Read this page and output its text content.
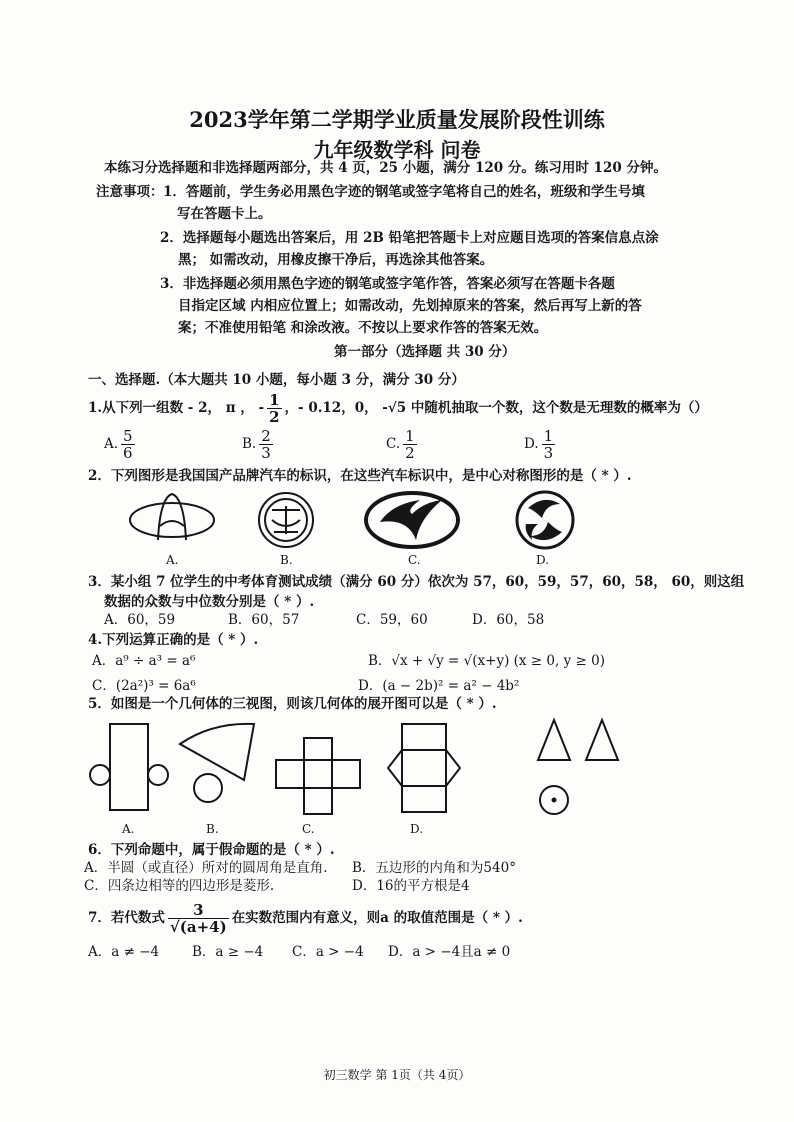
2023学年第二学期学业质量发展阶段性训练
九年级数学科 问卷
本练习分选择题和非选择题两部分，共 4 页，25 小题，满分 120 分。练习用时 120 分钟。
注意事项： 1．答题前，学生务必用黑色字迹的钢笔或签字笔将自己的姓名，班级和学生号填
写在答题卡上。
2．选择题每小题选出答案后，用 2B 铅笔把答题卡上对应题目选项的答案信息点涂
黑； 如需改动，用橡皮擦干净后，再选涂其他答案。
3．非选择题必须用黑色字迹的钢笔或签字笔作答，答案必须写在答题卡各题
目指定区域 内相应位置上；如需改动，先划掉原来的答案，然后再写上新的答
案；不准使用铅笔 和涂改液。不按以上要求作答的答案无效。
第一部分（选择题 共 30 分）
一、选择题.（本大题共 10 小题，每小题 3 分，满分 30 分）
1.从下列一组数 - 2， π ， - $\frac{1}{2}$ ，- 0.12，0， -√5 中随机抽取一个数，这个数是无理数的概率为（）
A. $\frac{5}{6}$	B. $\frac{2}{3}$	C. $\frac{1}{2}$	D. $\frac{1}{3}$
2．下列图形是我国国产品牌汽车的标识，在这些汽车标识中，是中心对称图形的是（ * ）.
A.	B.	C.	D.
3．某小组 7 位学生的中考体育测试成绩（满分 60 分）依次为 57，60，59，57，60，58， 60，则这组
数据的众数与中位数分别是（ * ）.
A．60，59	B．60，57	C．59，60	D．60，58
4.下列运算正确的是（ * ）.
A．a⁹ ÷ a³ = a⁶	B．√x + √y = √(x+y) (x ≥ 0, y ≥ 0)
C．(2a²)³ = 6a⁶	D．(a − 2b)² = a² − 4b²
5．如图是一个几何体的三视图，则该几何体的展开图可以是（ * ）.
A.	B.	C.	D.
6．下列命题中，属于假命题的是（ * ）.
A．半圆（或直径）所对的圆周角是直角. B．五边形的内角和为540°
C．四条边相等的四边形是菱形.	D．16的平方根是4
7．若代数式 $\frac{3}{√(a+4)}$ 在实数范围内有意义，则a 的取值范围是（ * ）.
A．a ≠ −4 B．a ≥ −4 C．a > −4 D．a > −4且a ≠ 0
初三数学 第 1页（共 4页）
